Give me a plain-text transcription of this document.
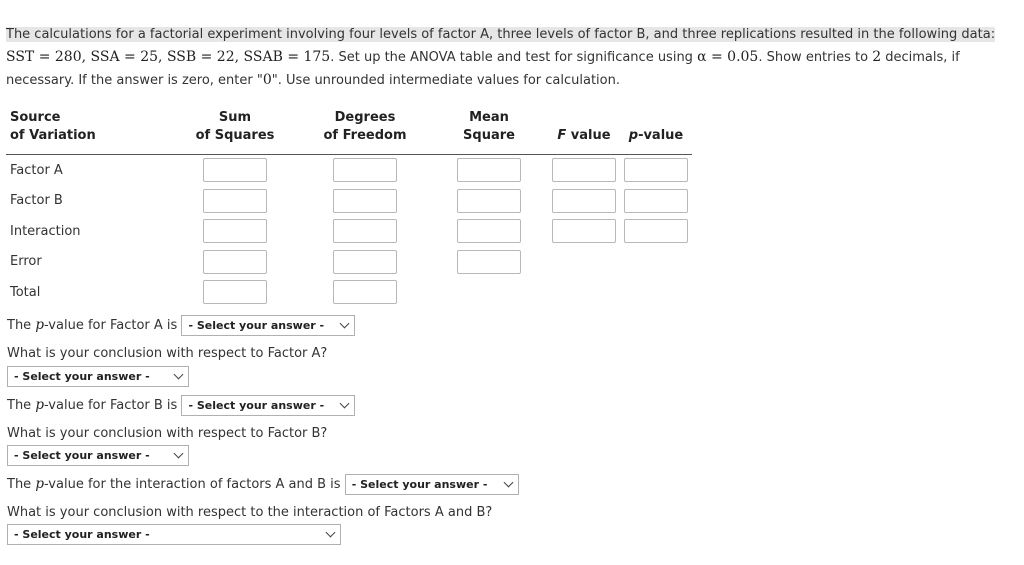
The calculations for a factorial experiment involving four levels of factor A, three levels of factor B, and three replications resulted in the following data:
SST = 280, SSA = 25, SSB = 22, SSAB = 175. Set up the ANOVA table and test for significance using α = 0.05. Show entries to 2 decimals, if
necessary. If the answer is zero, enter "0". Use unrounded intermediate values for calculation.
Source	Sum	Degrees	Mean		
of Variation	of Squares	of Freedom	Square	F value	p-value
Factor A					
Factor B					
Interaction					
Error					
Total					
The p-value for Factor A is - Select your answer -
What is your conclusion with respect to Factor A?
- Select your answer -
The p-value for Factor B is - Select your answer -
What is your conclusion with respect to Factor B?
- Select your answer -
The p-value for the interaction of factors A and B is - Select your answer -
What is your conclusion with respect to the interaction of Factors A and B?
- Select your answer -
